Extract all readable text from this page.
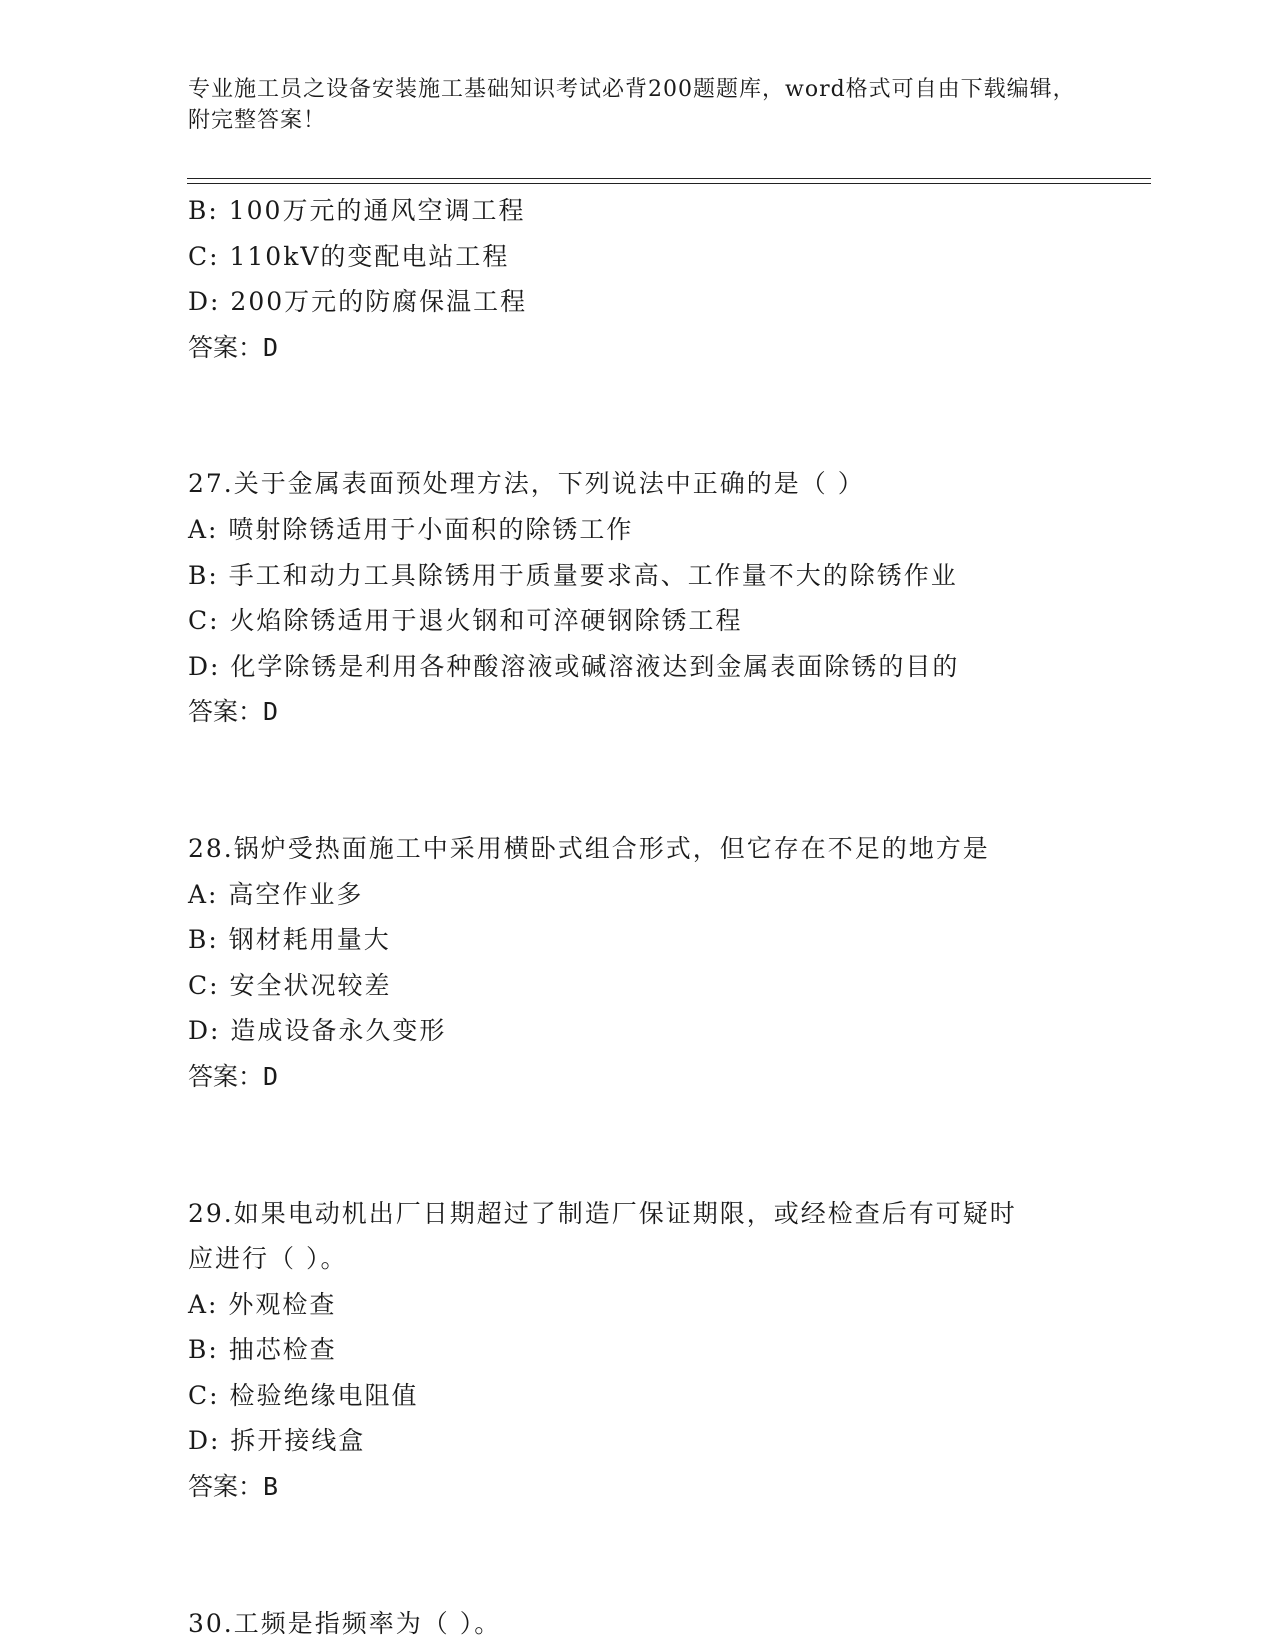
专业施工员之设备安装施工基础知识考试必背200题题库，word格式可自由下载编辑，附完整答案！

B: 100万元的通风空调工程
C: 110kV的变配电站工程
D: 200万元的防腐保温工程
答案：D
27.关于金属表面预处理方法，下列说法中正确的是（ ）
A: 喷射除锈适用于小面积的除锈工作
B: 手工和动力工具除锈用于质量要求高、工作量不大的除锈作业
C: 火焰除锈适用于退火钢和可淬硬钢除锈工程
D: 化学除锈是利用各种酸溶液或碱溶液达到金属表面除锈的目的
答案：D
28.锅炉受热面施工中采用横卧式组合形式，但它存在不足的地方是
A: 高空作业多
B: 钢材耗用量大
C: 安全状况较差
D: 造成设备永久变形
答案：D
29.如果电动机出厂日期超过了制造厂保证期限，或经检查后有可疑时
应进行（ ）。
A: 外观检查
B: 抽芯检查
C: 检验绝缘电阻值
D: 拆开接线盒
答案：B
30.工频是指频率为（ ）。
